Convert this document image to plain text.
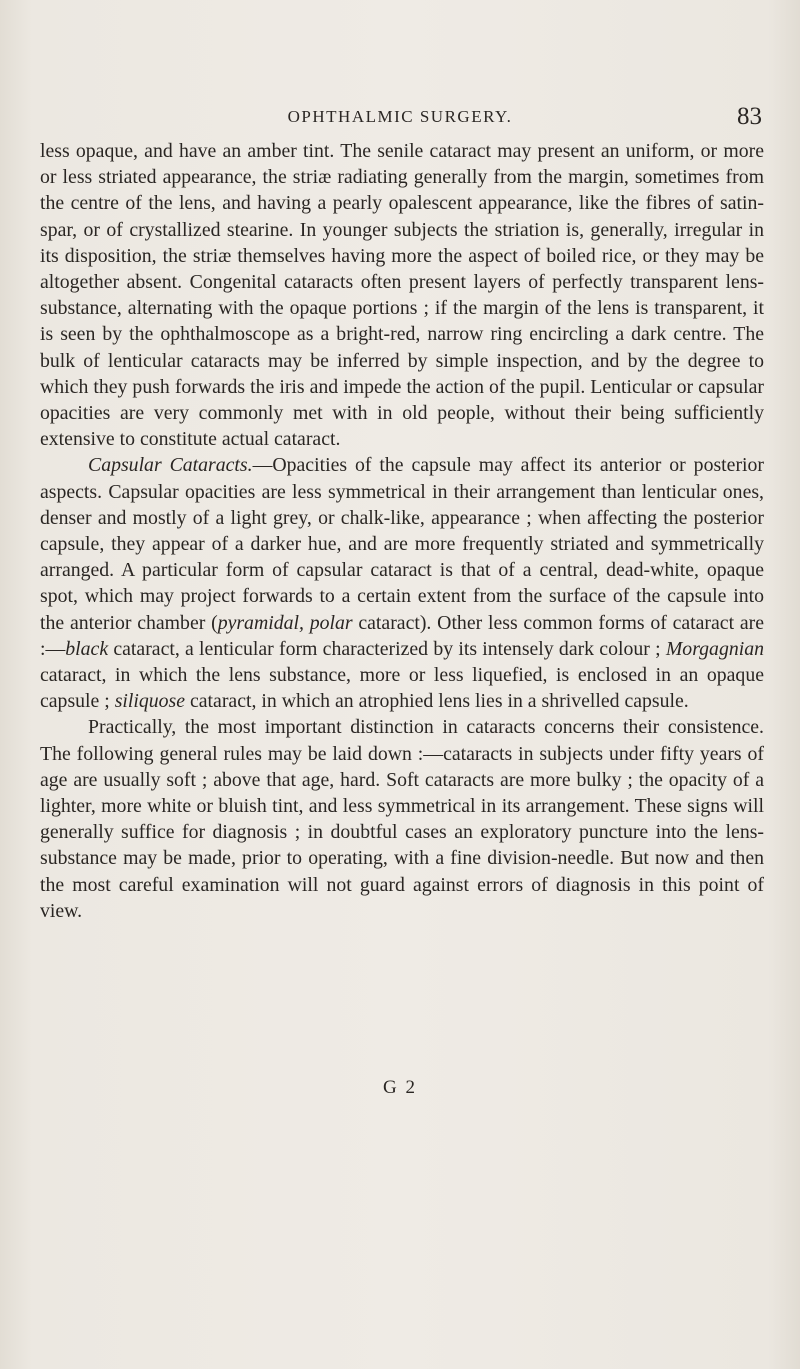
OPHTHALMIC SURGERY.	83

less opaque, and have an amber tint. The senile cataract may present an uniform, or more or less striated appearance, the striæ radiating generally from the margin, sometimes from the centre of the lens, and having a pearly opalescent appearance, like the fibres of satin-spar, or of crystallized stearine. In younger subjects the striation is, generally, irregular in its disposition, the striæ themselves having more the aspect of boiled rice, or they may be altogether absent. Congenital cataracts often present layers of perfectly transparent lens-substance, alternating with the opaque portions ; if the margin of the lens is transparent, it is seen by the ophthalmoscope as a bright-red, narrow ring encircling a dark centre. The bulk of lenticular cataracts may be inferred by simple inspection, and by the degree to which they push forwards the iris and impede the action of the pupil. Lenticular or capsular opacities are very commonly met with in old people, without their being sufficiently extensive to constitute actual cataract.

Capsular Cataracts.—Opacities of the capsule may affect its anterior or posterior aspects. Capsular opacities are less symmetrical in their arrangement than lenticular ones, denser and mostly of a light grey, or chalk-like, appearance ; when affecting the posterior capsule, they appear of a darker hue, and are more frequently striated and symmetrically arranged. A particular form of capsular cataract is that of a central, dead-white, opaque spot, which may project forwards to a certain extent from the surface of the capsule into the anterior chamber (pyramidal, polar cataract). Other less common forms of cataract are :—black cataract, a lenticular form characterized by its intensely dark colour ; Morgagnian cataract, in which the lens substance, more or less liquefied, is enclosed in an opaque capsule ; siliquose cataract, in which an atrophied lens lies in a shrivelled capsule.

Practically, the most important distinction in cataracts concerns their consistence. The following general rules may be laid down :—cataracts in subjects under fifty years of age are usually soft ; above that age, hard. Soft cataracts are more bulky ; the opacity of a lighter, more white or bluish tint, and less symmetrical in its arrangement. These signs will generally suffice for diagnosis ; in doubtful cases an exploratory puncture into the lens-substance may be made, prior to operating, with a fine division-needle. But now and then the most careful examination will not guard against errors of diagnosis in this point of view.

G 2
